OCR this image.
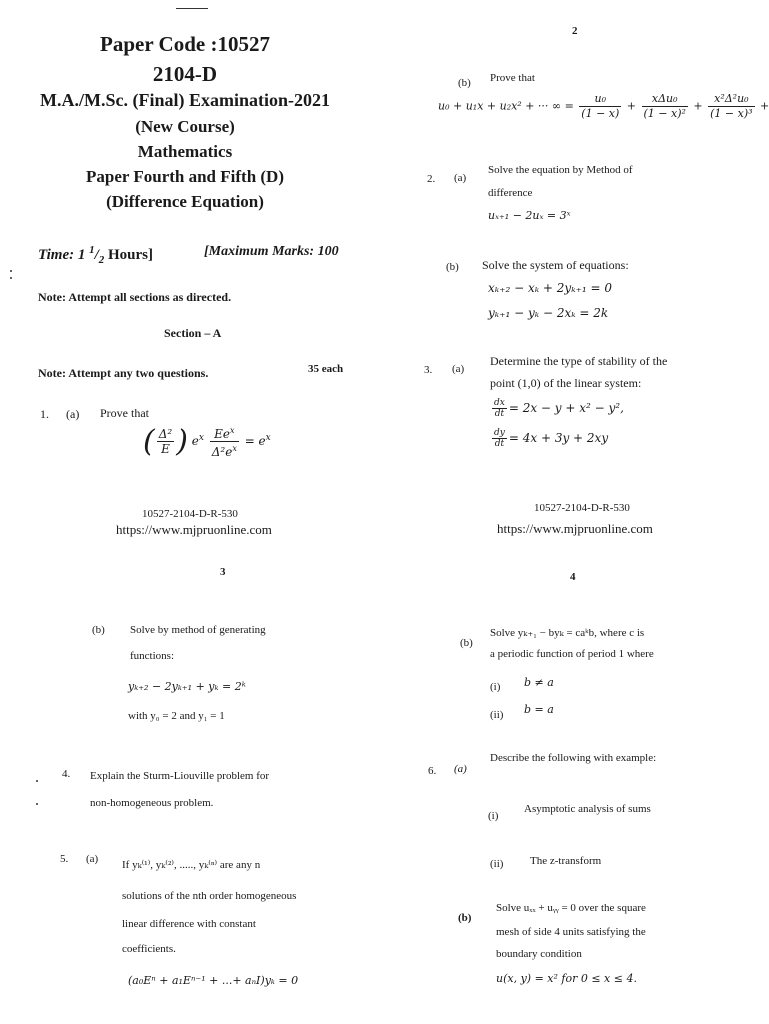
Paper Code :10527
2104-D
M.A./M.Sc. (Final) Examination-2021
(New Course)
Mathematics
Paper Fourth and Fifth (D)
(Difference Equation)
Time: 1 $^1/_2$ Hours]	[Maximum Marks: 100
Note: Attempt all sections as directed.
Section – A
Note: Attempt any two questions.	35 each
1. (a) Prove that
( $\frac{\text{Δ²}}{E}$ ) $e^x \frac{Ee^x}{\Delta^2e^x} = e^x$
10527-2104-D-R-530
https://www.mjpruonline.com
2
(b) Prove that
u₀ + u₁x + u₂x² + ··· ∞ = $\frac{\text{u₀}}{(1 - x)} + \frac{\text{xΔu₀}}{\text{(1 − x)²}} + \frac{\text{x²Δ²u₀}}{\text{(1 − x)³}}$ +
2. (a)
Solve the equation by Method of
difference
uₓ₊₁ − 2uₓ = 3ˣ
(b) Solve the system of equations:
xₖ₊₂ − xₖ + 2yₖ₊₁ = 0
yₖ₊₁ − yₖ − 2xₖ = 2k
3. (a)
Determine the type of stability of the
point (1,0) of the linear system:
$\frac{dx}{dt} = 2x - y + x^2 - y^2$,
$\frac{dy}{dt} = 4x + 3y + 2xy$
10527-2104-D-R-530
https://www.mjpruonline.com
3
(b) Solve by method of generating
functions:
yₖ₊₂ − 2yₖ₊₁ + yₖ = 2ᵏ
with y₀ = 2 and y₁ = 1
4. Explain the Sturm-Liouville problem for
non-homogeneous problem.
5. (a) If yₖ⁽¹⁾, yₖ⁽²⁾, ....., yₖ⁽ⁿ⁾ are any n
solutions of the nth order homogeneous
linear difference with constant
coefficients.
(a₀Eⁿ + a₁Eⁿ⁻¹ + ...+ aₙI)yₖ = 0
4
(b)
Solve yₖ₊₁ − byₖ = caᵏb, where c is
a periodic function of period 1 where
(i) b ≠ a
(ii) b = a
6. (a)
Describe the following with example:
(i)
Asymptotic analysis of sums
(ii) The z-transform
(b)
Solve uₓₓ + uᵧᵧ = 0 over the square
mesh of side 4 units satisfying the
boundary condition
u(x, y) = x² for 0 ≤ x ≤ 4.
